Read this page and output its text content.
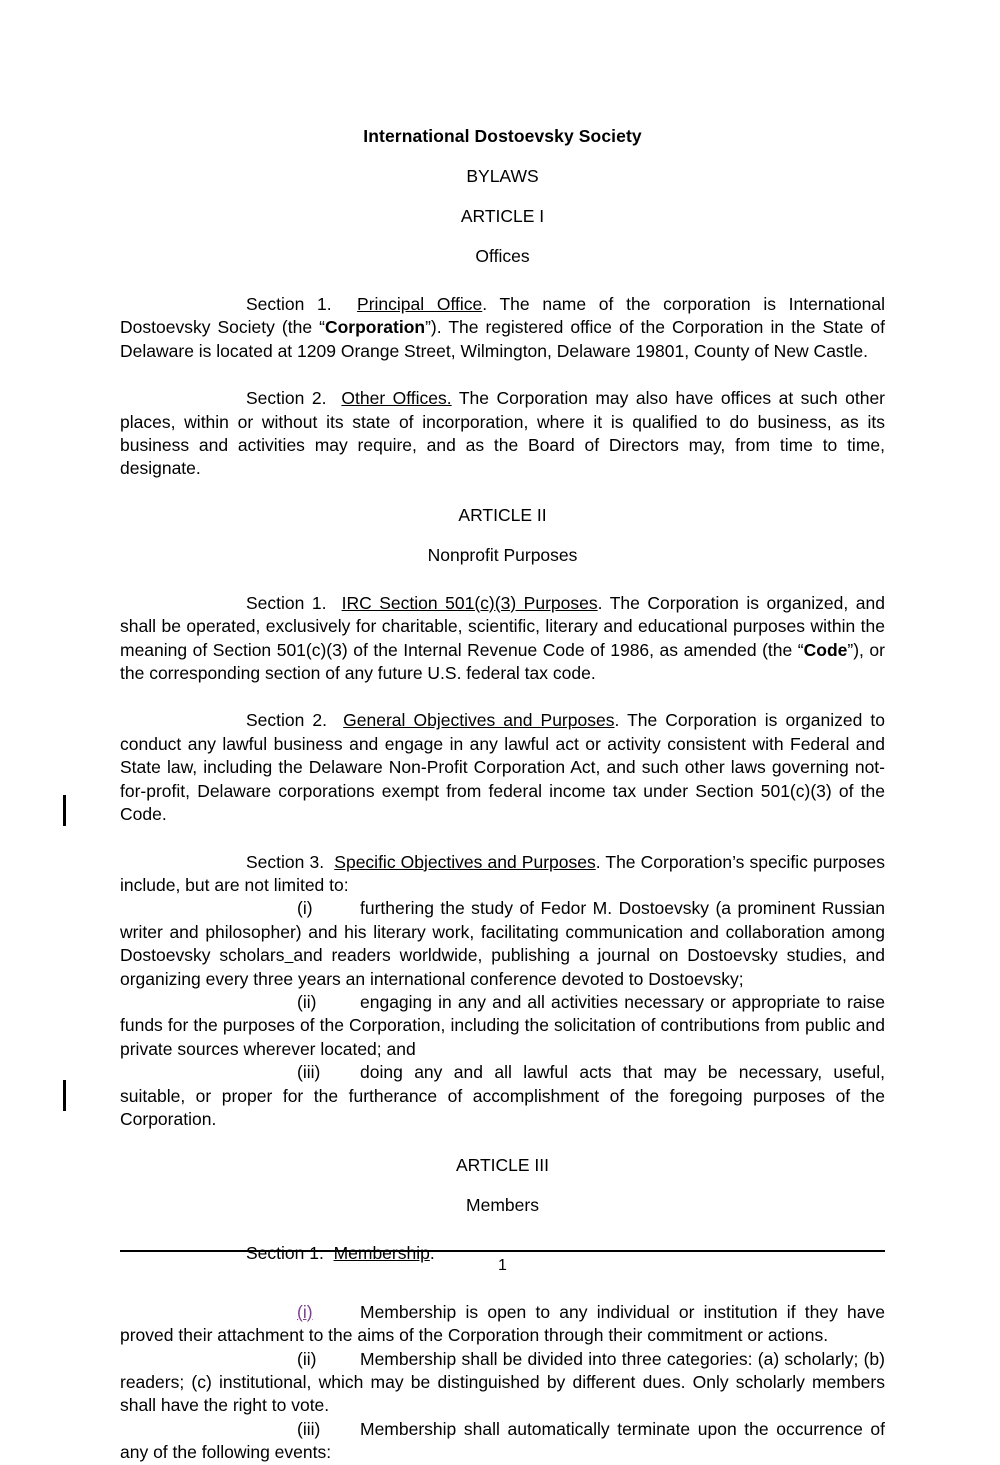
International Dostoevsky Society

BYLAWS

ARTICLE I

Offices

Section 1. Principal Office. The name of the corporation is International Dostoevsky Society (the “Corporation”). The registered office of the Corporation in the State of Delaware is located at 1209 Orange Street, Wilmington, Delaware 19801, County of New Castle.

Section 2. Other Offices. The Corporation may also have offices at such other places, within or without its state of incorporation, where it is qualified to do business, as its business and activities may require, and as the Board of Directors may, from time to time, designate.

ARTICLE II

Nonprofit Purposes

Section 1. IRC Section 501(c)(3) Purposes. The Corporation is organized, and shall be operated, exclusively for charitable, scientific, literary and educational purposes within the meaning of Section 501(c)(3) of the Internal Revenue Code of 1986, as amended (the “Code”), or the corresponding section of any future U.S. federal tax code.

Section 2. General Objectives and Purposes. The Corporation is organized to conduct any lawful business and engage in any lawful act or activity consistent with Federal and State law, including the Delaware Non-Profit Corporation Act, and such other laws governing not-for-profit, Delaware corporations exempt from federal income tax under Section 501(c)(3) of the Code.

Section 3. Specific Objectives and Purposes. The Corporation’s specific purposes include, but are not limited to:

(i)	furthering the study of Fedor M. Dostoevsky (a prominent Russian writer and philosopher) and his literary work, facilitating communication and collaboration among Dostoevsky scholars and readers worldwide, publishing a journal on Dostoevsky studies, and organizing every three years an international conference devoted to Dostoevsky;

(ii) engaging in any and all activities necessary or appropriate to raise funds for the purposes of the Corporation, including the solicitation of contributions from public and private sources wherever located; and

(iii) doing any and all lawful acts that may be necessary, useful, suitable, or proper for the furtherance of accomplishment of the foregoing purposes of the Corporation.

ARTICLE III

Members

Section 1. Membership.

(i)	Membership is open to any individual or institution if they have proved their attachment to the aims of the Corporation through their commitment or actions.

(ii) Membership shall be divided into three categories: (a) scholarly; (b) readers; (c) institutional, which may be distinguished by different dues. Only scholarly members shall have the right to vote.

(iii) Membership shall automatically terminate upon the occurrence of any of the following events:

1
